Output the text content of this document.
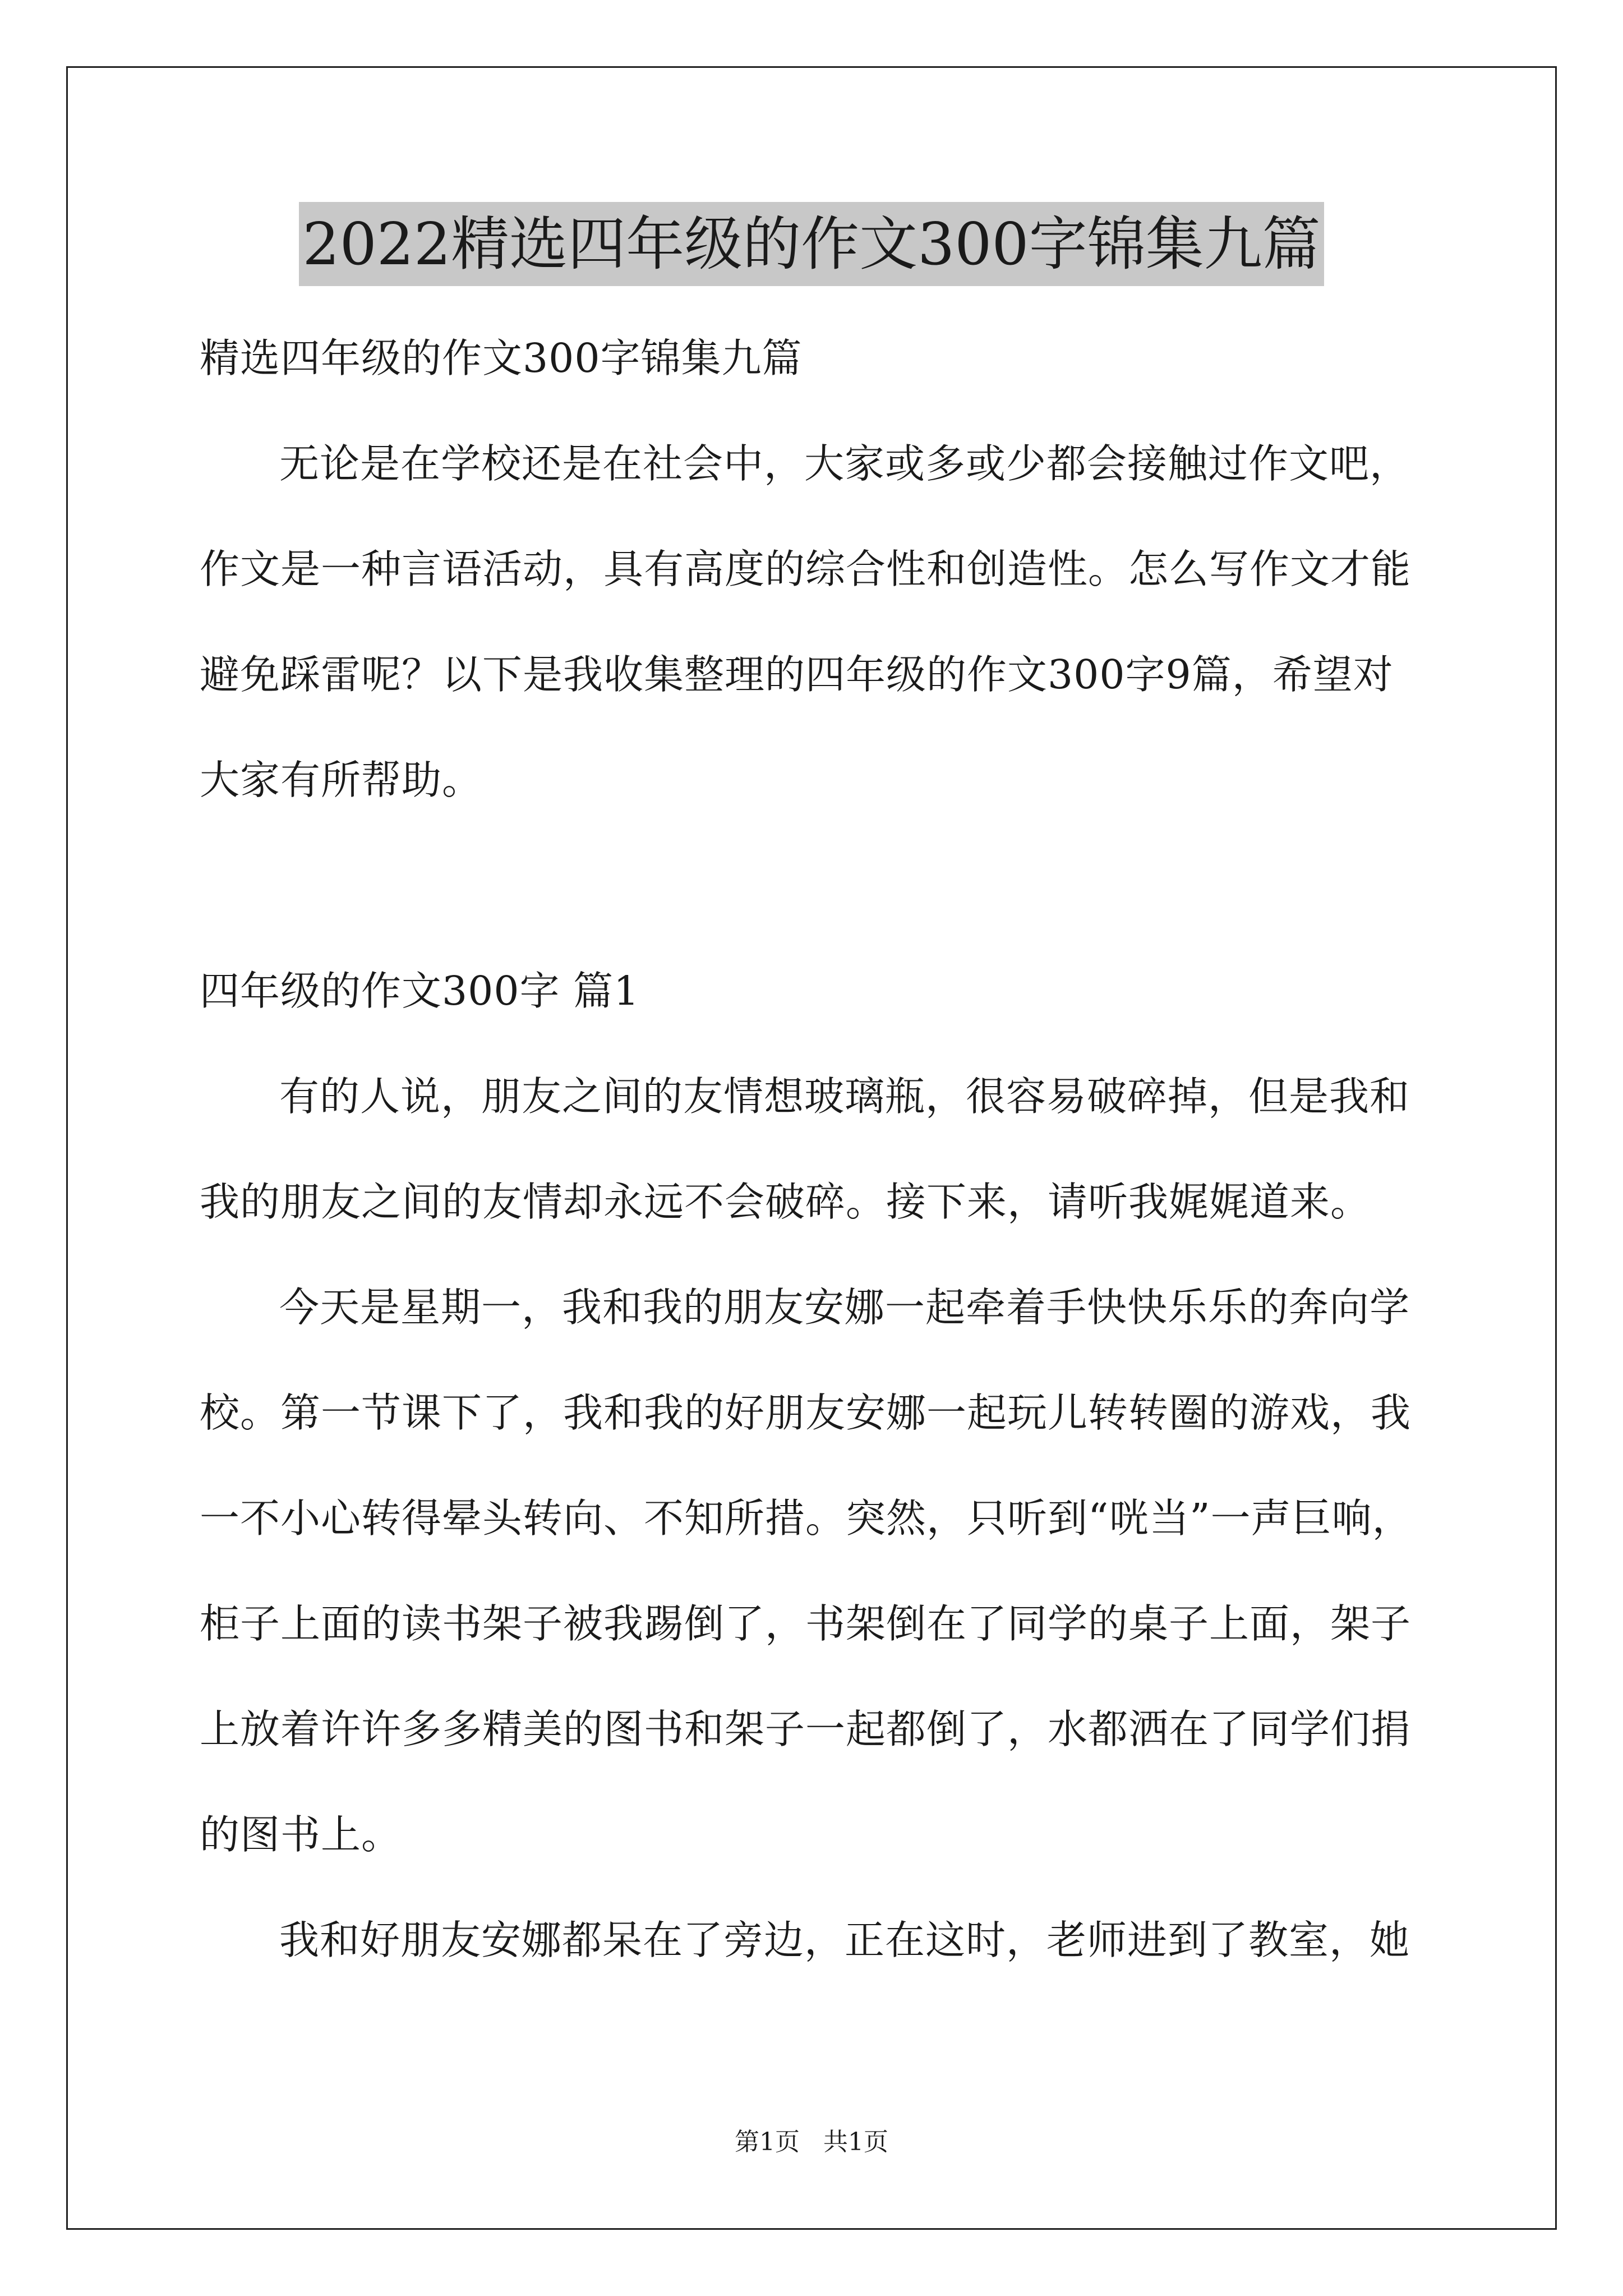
2022精选四年级的作文300字锦集九篇

精选四年级的作文300字锦集九篇

无论是在学校还是在社会中，大家或多或少都会接触过作文吧，作文是一种言语活动，具有高度的综合性和创造性。怎么写作文才能避免踩雷呢？以下是我收集整理的四年级的作文300字9篇，希望对大家有所帮助。

四年级的作文300字 篇1

有的人说，朋友之间的友情想玻璃瓶，很容易破碎掉，但是我和我的朋友之间的友情却永远不会破碎。接下来，请听我娓娓道来。

今天是星期一，我和我的朋友安娜一起牵着手快快乐乐的奔向学校。第一节课下了，我和我的好朋友安娜一起玩儿转转圈的游戏，我一不小心转得晕头转向、不知所措。突然，只听到“咣当”一声巨响，柜子上面的读书架子被我踢倒了，书架倒在了同学的桌子上面，架子上放着许许多多精美的图书和架子一起都倒了，水都洒在了同学们捐的图书上。

我和好朋友安娜都呆在了旁边，正在这时，老师进到了教室，她

第1页   共1页
